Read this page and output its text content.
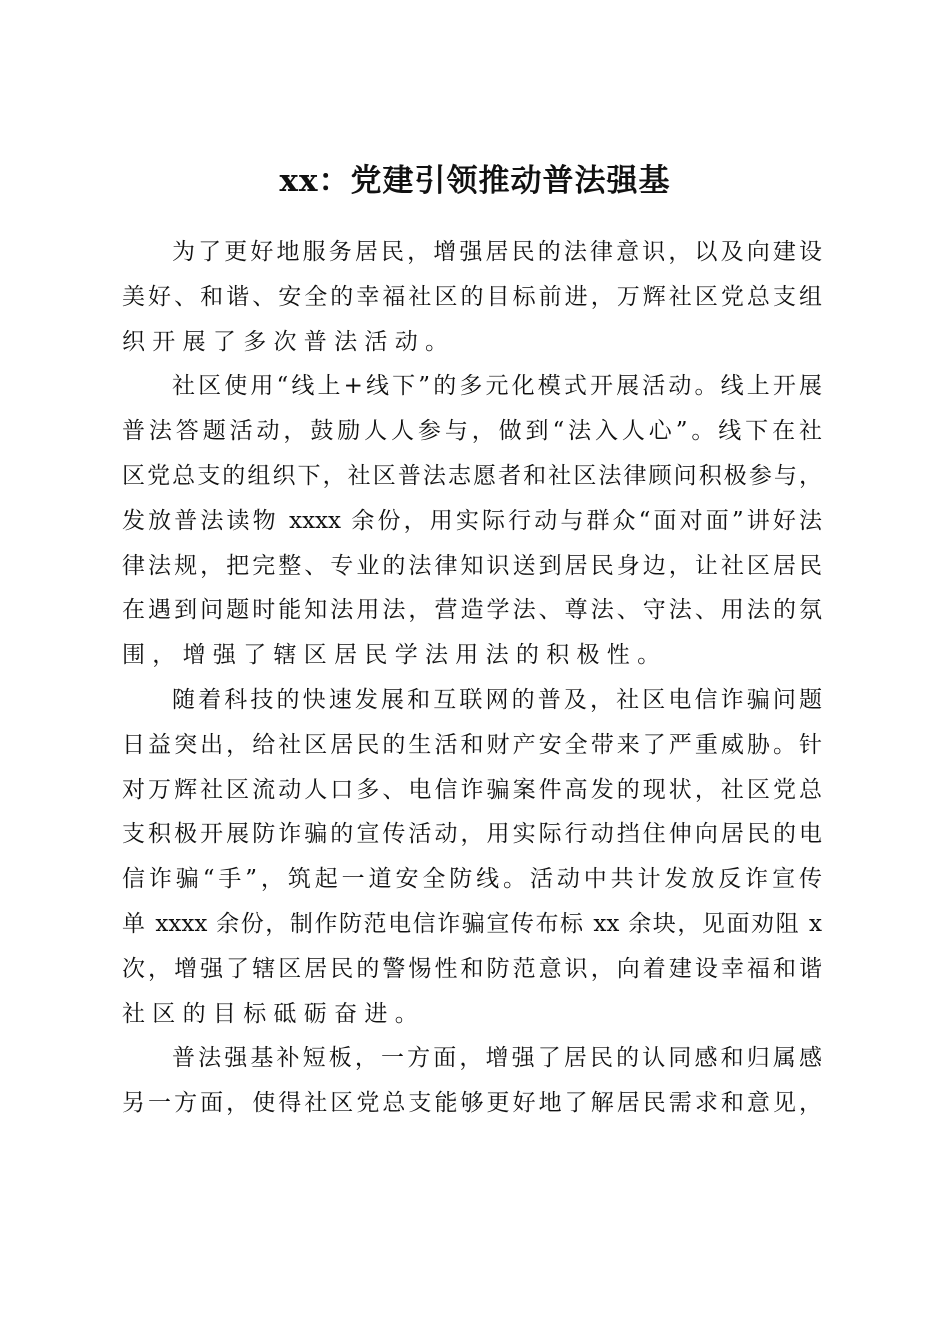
xx：党建引领推动普法强基
为了更好地服务居民，增强居民的法律意识，以及向建设
美好、和谐、安全的幸福社区的目标前进，万辉社区党总支组
织开展了多次普法活动。
社区使用“线上+线下”的多元化模式开展活动。线上开展
普法答题活动，鼓励人人参与，做到“法入人心”。线下在社
区党总支的组织下，社区普法志愿者和社区法律顾问积极参与，
发放普法读物 xxxx 余份，用实际行动与群众“面对面”讲好法
律法规，把完整、专业的法律知识送到居民身边，让社区居民
在遇到问题时能知法用法，营造学法、尊法、守法、用法的氛
围，增强了辖区居民学法用法的积极性。
随着科技的快速发展和互联网的普及，社区电信诈骗问题
日益突出，给社区居民的生活和财产安全带来了严重威胁。针
对万辉社区流动人口多、电信诈骗案件高发的现状，社区党总
支积极开展防诈骗的宣传活动，用实际行动挡住伸向居民的电
信诈骗“手”，筑起一道安全防线。活动中共计发放反诈宣传
单 xxxx 余份，制作防范电信诈骗宣传布标 xx 余块，见面劝阻 x
次，增强了辖区居民的警惕性和防范意识，向着建设幸福和谐
社区的目标砥砺奋进。
普法强基补短板，一方面，增强了居民的认同感和归属感
另一方面，使得社区党总支能够更好地了解居民需求和意见，
